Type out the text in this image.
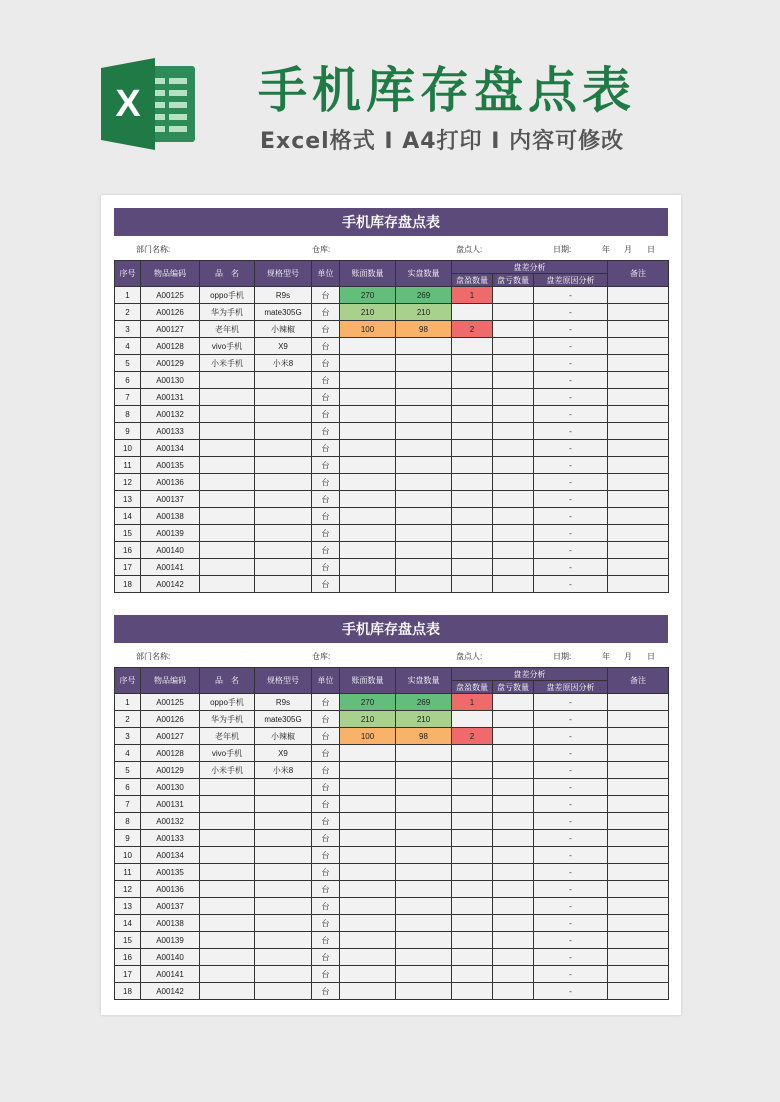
X 手机库存盘点表
Excel格式 I A4打印 I 内容可修改
手机库存盘点表
部门名称:	仓库:	盘点人:	日期:	年 月 日
序号	物品编码	品　名	规格型号	单位	账面数量	实盘数量	盘差分析			备注
							盘盈数量	盘亏数量	盘差原因分析	
1	A00125	oppo手机	R9s	台	270	269	1		-	
2	A00126	华为手机	mate305G	台	210	210			-	
3	A00127	老年机	小辣椒	台	100	98	2		-	
4	A00128	vivo手机	X9	台					-	
5	A00129	小米手机	小米8	台					-	
6	A00130			台					-	
7	A00131			台					-	
8	A00132			台					-	
9	A00133			台					-	
10	A00134			台					-	
11	A00135			台					-	
12	A00136			台					-	
13	A00137			台					-	
14	A00138			台					-	
15	A00139			台					-	
16	A00140			台					-	
17	A00141			台					-	
18	A00142			台					-	
手机库存盘点表
部门名称:	仓库:	盘点人:	日期:	年 月 日
序号	物品编码	品　名	规格型号	单位	账面数量	实盘数量	盘差分析			备注
							盘盈数量	盘亏数量	盘差原因分析	
1	A00125	oppo手机	R9s	台	270	269	1		-	
2	A00126	华为手机	mate305G	台	210	210			-	
3	A00127	老年机	小辣椒	台	100	98	2		-	
4	A00128	vivo手机	X9	台					-	
5	A00129	小米手机	小米8	台					-	
6	A00130			台					-	
7	A00131			台					-	
8	A00132			台					-	
9	A00133			台					-	
10	A00134			台					-	
11	A00135			台					-	
12	A00136			台					-	
13	A00137			台					-	
14	A00138			台					-	
15	A00139			台					-	
16	A00140			台					-	
17	A00141			台					-	
18	A00142			台					-	
